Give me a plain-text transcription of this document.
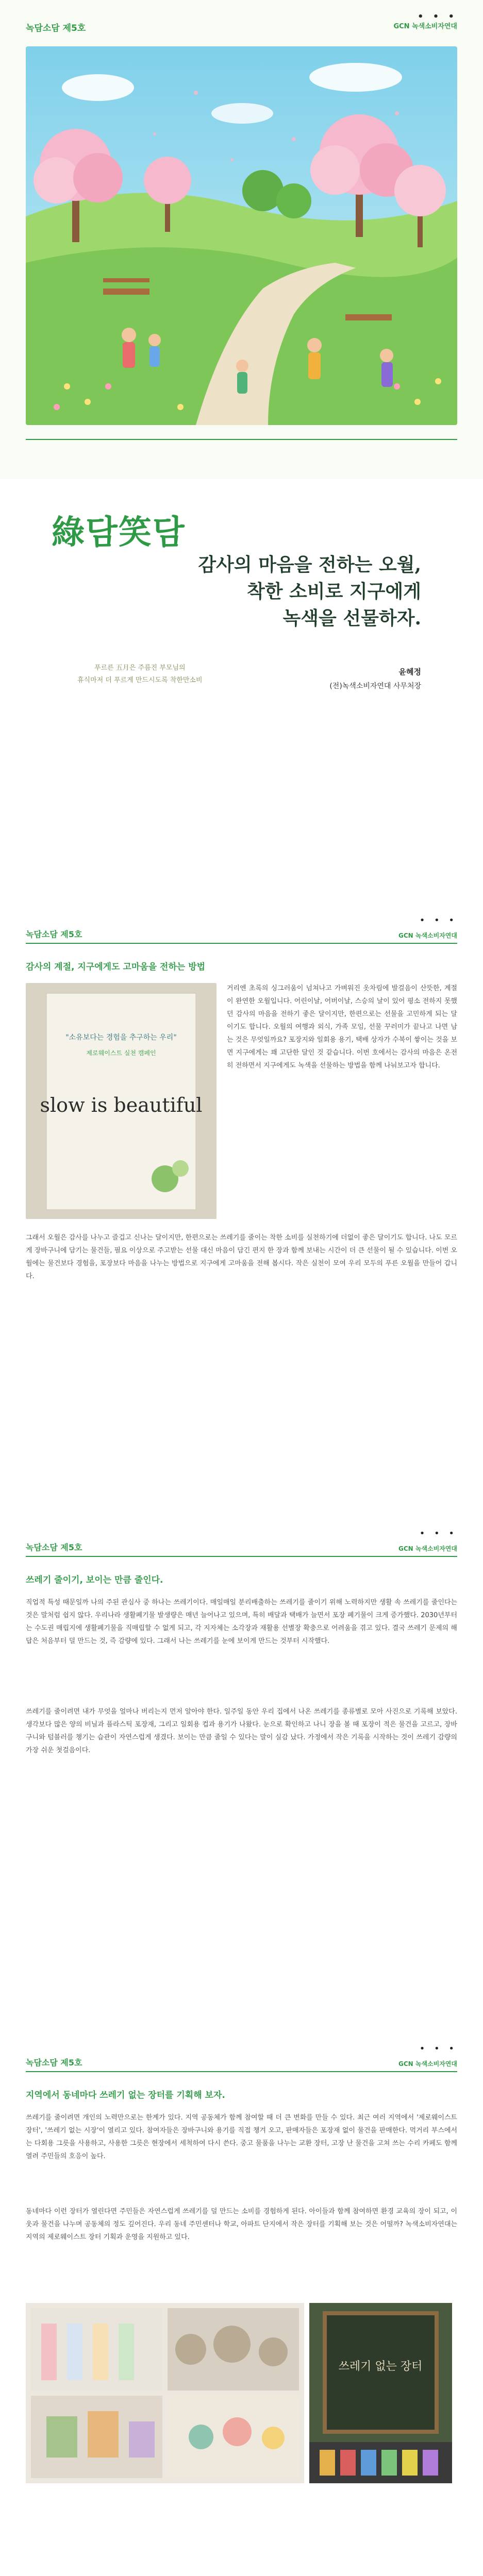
녹담소담 제5호	GCN 녹색소비자연대
• • •
綠담笑담
감사의 마음을 전하는 오월,
착한 소비로 지구에게
녹색을 선물하자.
푸르른 五月은 주름진 부모님의
휴식마저 더 푸르게 만드시도록 착한만소비
윤혜정
(전)녹색소비자연대 사무처장
녹담소담 제5호	GCN 녹색소비자연대
• • •
감사의 계절, 지구에게도 고마움을 전하는 방법
"소유보다는 경험을 추구하는 우리"
제로웨이스트 실천 캠페인
slow is beautiful
거리엔 초록의 싱그러움이 넘쳐나고 가벼워진 옷차림에 발걸음이 산뜻한, 계절이 완연한 오월입니다. 어린이날, 어버이날, 스승의 날이 있어 평소 전하지 못했던 감사의 마음을 전하기 좋은 달이지만, 한편으로는 선물을 고민하게 되는 달이기도 합니다. 오월의 여행과 외식, 가족 모임, 선물 꾸러미가 끝나고 나면 남는 것은 무엇일까요? 포장지와 일회용 용기, 택배 상자가 수북이 쌓이는 것을 보면 지구에게는 꽤 고단한 달인 것 같습니다. 이번 호에서는 감사의 마음은 온전히 전하면서 지구에게도 녹색을 선물하는 방법을 함께 나눠보고자 합니다.
그래서 오월은 감사를 나누고 즐겁고 신나는 달이지만, 한편으로는 쓰레기를 줄이는 착한 소비를 실천하기에 더없이 좋은 달이기도 합니다. 나도 모르게 장바구니에 담기는 물건들, 필요 이상으로 주고받는 선물 대신 마음이 담긴 편지 한 장과 함께 보내는 시간이 더 큰 선물이 될 수 있습니다. 이번 오월에는 물건보다 경험을, 포장보다 마음을 나누는 방법으로 지구에게 고마움을 전해 봅시다. 작은 실천이 모여 우리 모두의 푸른 오월을 만들어 갑니다.
녹담소담 제5호	GCN 녹색소비자연대
• • •
쓰레기 줄이기, 보이는 만큼 줄인다.
직업적 특성 때문일까 나의 주된 관심사 중 하나는 쓰레기이다. 매일매일 분리배출하는 쓰레기를 줄이기 위해 노력하지만 생활 속 쓰레기를 줄인다는 것은 말처럼 쉽지 않다. 우리나라 생활폐기물 발생량은 매년 늘어나고 있으며, 특히 배달과 택배가 늘면서 포장 폐기물이 크게 증가했다. 2030년부터는 수도권 매립지에 생활폐기물을 직매립할 수 없게 되고, 각 지자체는 소각장과 재활용 선별장 확충으로 어려움을 겪고 있다. 결국 쓰레기 문제의 해답은 처음부터 덜 만드는 것, 즉 감량에 있다. 그래서 나는 쓰레기를 눈에 보이게 만드는 것부터 시작했다.
쓰레기를 줄이려면 내가 무엇을 얼마나 버리는지 먼저 알아야 한다. 일주일 동안 우리 집에서 나온 쓰레기를 종류별로 모아 사진으로 기록해 보았다. 생각보다 많은 양의 비닐과 플라스틱 포장재, 그리고 일회용 컵과 용기가 나왔다. 눈으로 확인하고 나니 장을 볼 때 포장이 적은 물건을 고르고, 장바구니와 텀블러를 챙기는 습관이 자연스럽게 생겼다. 보이는 만큼 줄일 수 있다는 말이 실감 났다. 가정에서 작은 기록을 시작하는 것이 쓰레기 감량의 가장 쉬운 첫걸음이다.
녹담소담 제5호	GCN 녹색소비자연대
• • •
지역에서 동네마다 쓰레기 없는 장터를 기획해 보자.
쓰레기를 줄이려면 개인의 노력만으로는 한계가 있다. 지역 공동체가 함께 참여할 때 더 큰 변화를 만들 수 있다. 최근 여러 지역에서 '제로웨이스트 장터', '쓰레기 없는 시장'이 열리고 있다. 참여자들은 장바구니와 용기를 직접 챙겨 오고, 판매자들은 포장재 없이 물건을 판매한다. 먹거리 부스에서는 다회용 그릇을 사용하고, 사용한 그릇은 현장에서 세척하여 다시 쓴다. 중고 물품을 나누는 교환 장터, 고장 난 물건을 고쳐 쓰는 수리 카페도 함께 열려 주민들의 호응이 높다.
동네마다 이런 장터가 열린다면 주민들은 자연스럽게 쓰레기를 덜 만드는 소비를 경험하게 된다. 아이들과 함께 참여하면 환경 교육의 장이 되고, 이웃과 물건을 나누며 공동체의 정도 깊어진다. 우리 동네 주민센터나 학교, 아파트 단지에서 작은 장터를 기획해 보는 것은 어떨까? 녹색소비자연대는 지역의 제로웨이스트 장터 기획과 운영을 지원하고 있다.
쓰레기 없는 장터
